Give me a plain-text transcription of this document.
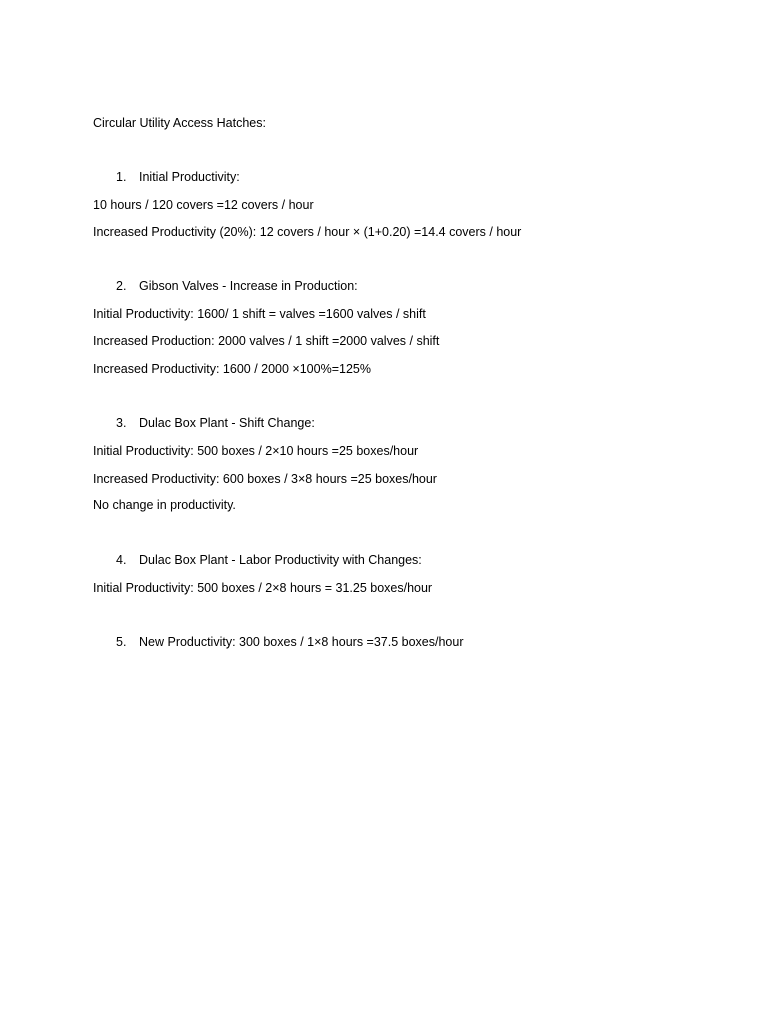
Circular Utility Access Hatches:
1. Initial Productivity:
10 hours / 120 covers =12 covers / hour
Increased Productivity (20%): 12 covers / hour × (1+0.20) =14.4 covers / hour
2. Gibson Valves - Increase in Production:
Initial Productivity: 1600/ 1 shift = valves =1600 valves / shift
Increased Production: 2000 valves / 1 shift =2000 valves / shift
Increased Productivity: 1600 / 2000 ×100%=125%
3. Dulac Box Plant - Shift Change:
Initial Productivity: 500 boxes / 2×10 hours =25 boxes/hour
Increased Productivity: 600 boxes / 3×8 hours =25 boxes/hour
No change in productivity.
4. Dulac Box Plant - Labor Productivity with Changes:
Initial Productivity: 500 boxes / 2×8 hours = 31.25 boxes/hour
5. New Productivity: 300 boxes / 1×8 hours =37.5 boxes/hour
